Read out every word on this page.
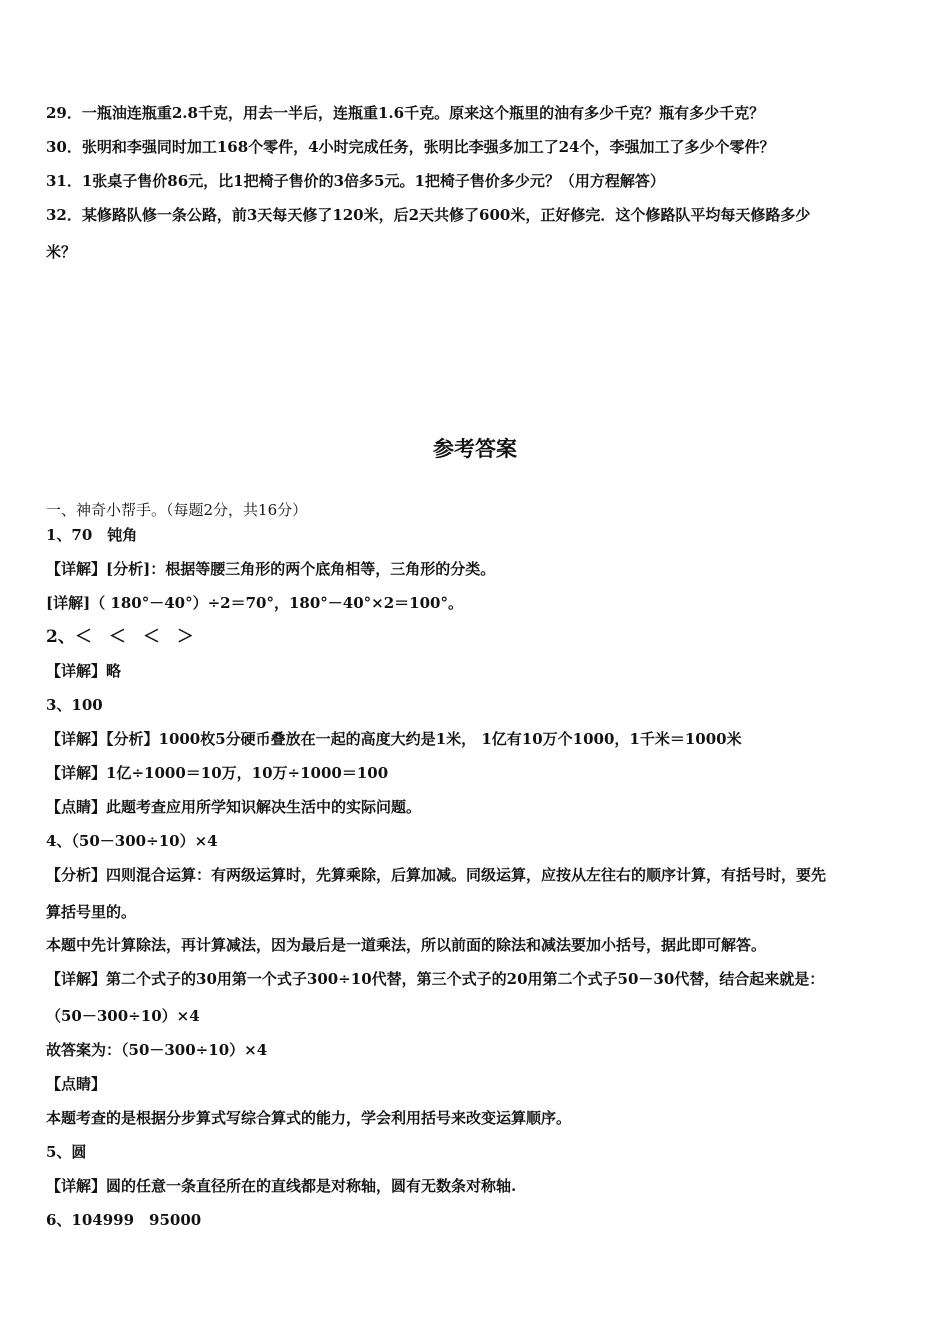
29．一瓶油连瓶重2.8千克，用去一半后，连瓶重1.6千克。原来这个瓶里的油有多少千克？瓶有多少千克？
30．张明和李强同时加工168个零件，4小时完成任务，张明比李强多加工了24个，李强加工了多少个零件？
31．1张桌子售价86元，比1把椅子售价的3倍多5元。1把椅子售价多少元？（用方程解答）
32．某修路队修一条公路，前3天每天修了120米，后2天共修了600米，正好修完．这个修路队平均每天修路多少
米？
参考答案
一、神奇小帮手。（每题2分，共16分）
1、70　钝角
【详解】[分析]：根据等腰三角形的两个底角相等，三角形的分类。
[详解]（ 180°－40°）÷2＝70°，180°－40°×2＝100°。
2、＜　＜　＜　＞
【详解】略
3、100
【详解】【分析】1000枚5分硬币叠放在一起的高度大约是1米， 1亿有10万个1000，1千米＝1000米
【详解】1亿÷1000＝10万，10万÷1000＝100
【点睛】此题考查应用所学知识解决生活中的实际问题。
4、（50－300÷10）×4
【分析】四则混合运算：有两级运算时，先算乘除，后算加减。同级运算，应按从左往右的顺序计算，有括号时，要先
算括号里的。
本题中先计算除法，再计算减法，因为最后是一道乘法，所以前面的除法和减法要加小括号，据此即可解答。
【详解】第二个式子的30用第一个式子300÷10代替，第三个式子的20用第二个式子50－30代替，结合起来就是：
（50－300÷10）×4
故答案为：（50－300÷10）×4
【点睛】
本题考查的是根据分步算式写综合算式的能力，学会利用括号来改变运算顺序。
5、圆
【详解】圆的任意一条直径所在的直线都是对称轴，圆有无数条对称轴.
6、104999　95000
